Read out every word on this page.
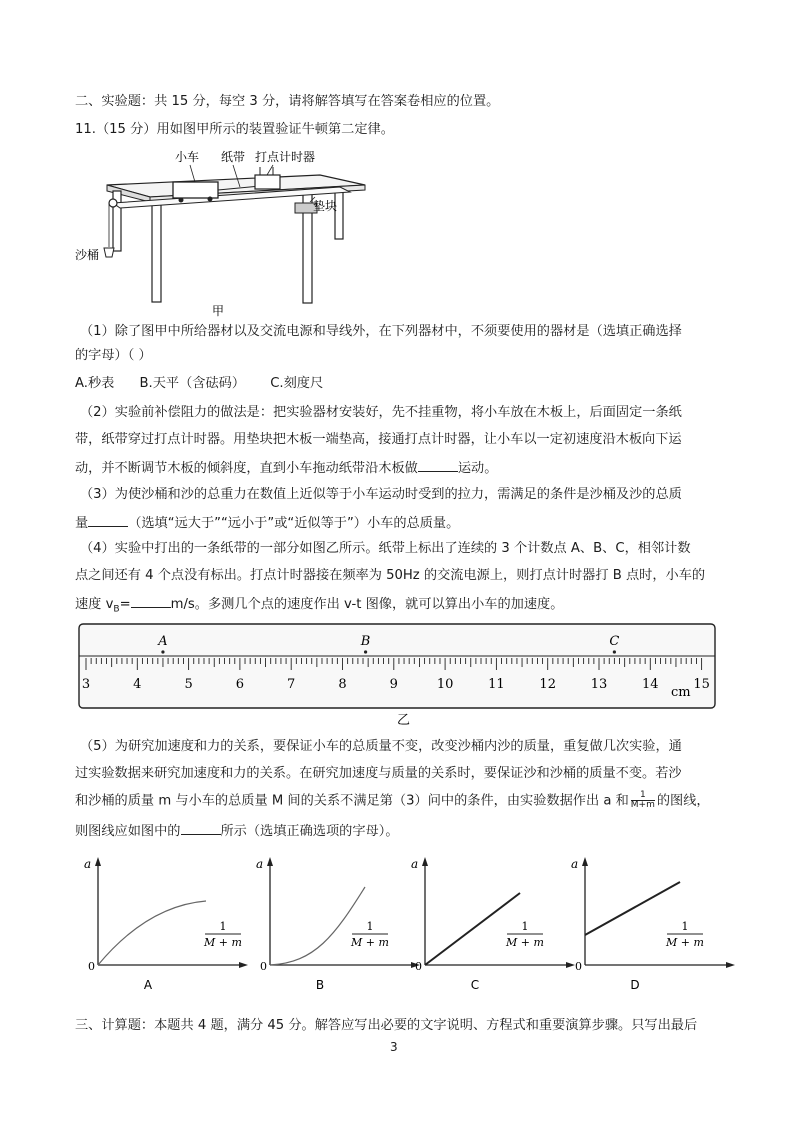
二、实验题：共 15 分，每空 3 分，请将解答填写在答案卷相应的位置。
11.（15 分）用如图甲所示的装置验证牛顿第二定律。
小车 纸带 打点计时器
垫块
沙桶
甲
（1）除了图甲中所给器材以及交流电源和导线外，在下列器材中，不须要使用的器材是（选填正确选择
的字母）（ ）
A.秒表      B.天平（含砝码）      C.刻度尺
（2）实验前补偿阻力的做法是：把实验器材安装好，先不挂重物，将小车放在木板上，后面固定一条纸
带，纸带穿过打点计时器。用垫块把木板一端垫高，接通打点计时器，让小车以一定初速度沿木板向下运
动，并不断调节木板的倾斜度，直到小车拖动纸带沿木板做	运动。
（3）为使沙桶和沙的总重力在数值上近似等于小车运动时受到的拉力，需满足的条件是沙桶及沙的总质
量	（选填“远大于”“远小于”或“近似等于”）小车的总质量。
（4）实验中打出的一条纸带的一部分如图乙所示。纸带上标出了连续的 3 个计数点 A、B、C，相邻计数
点之间还有 4 个点没有标出。打点计时器接在频率为 50Hz 的交流电源上，则打点计时器打 B 点时，小车的
速度 $v_B=$	m/s。多测几个点的速度作出 v-t 图像，就可以算出小车的加速度。
3	4	5	6	7	8	9	10	11	12	13	14	15
A	B	C
cm
乙
（5）为研究加速度和力的关系，要保证小车的总质量不变，改变沙桶内沙的质量，重复做几次实验，通
过实验数据来研究加速度和力的关系。在研究加速度与质量的关系时，要保证沙和沙桶的质量不变。若沙
和沙桶的质量 m 与小车的总质量 M 间的关系不满足第（3）问中的条件，由实验数据作出 a 和 $\frac{1}{M+m}$ 的图线，
则图线应如图中的	所示（选填正确选项的字母）。
a
0
1
M + m
A
a
0
1
M + m
B
a
0
1
M + m
C
a
0
1
M + m
D
三、计算题：本题共 4 题，满分 45 分。解答应写出必要的文字说明、方程式和重要演算步骤。只写出最后
3
